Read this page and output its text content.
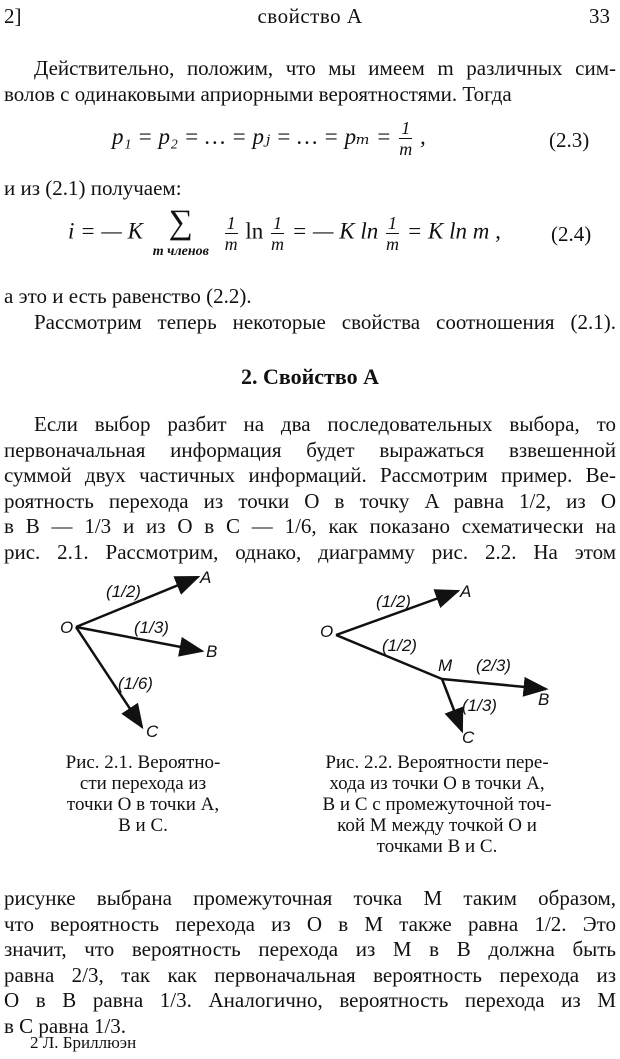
2]	свойство A	33
Действительно, положим, что мы имеем m различных сим-
волов с одинаковыми априорными вероятностями. Тогда
p₁ = p₂ = … = pⱼ = … = $p_m = \frac{1}{m}$ ,	(2.3)
и из (2.1) получаем:
i = — K ∑
m членов
$\frac{1}{m}$ $\ln \frac{1}{m}$ = — K $\ln \frac{1}{m} = K$ ln m , (2.4)
а это и есть равенство (2.2).
Рассмотрим теперь некоторые свойства соотношения (2.1).
2. Свойство A
Если выбор разбит на два последовательных выбора, то
первоначальная информация будет выражаться взвешенной
суммой двух частичных информаций. Рассмотрим пример. Ве-
роятность перехода из точки O в точку A равна 1/2, из O
в B — 1/3 и из O в C — 1/6, как показано схематически на
рис. 2.1. Рассмотрим, однако, диаграмму рис. 2.2. На этом
O
A
B
C
(1/2)
(1/3)
(1/6)
Рис. 2.1. Вероятно-
сти перехода из
точки O в точки A,
B и C.
O
A
M
B
C
(1/2)
(1/2)
(2/3)
(1/3)
Рис. 2.2. Вероятности пере-
хода из точки O в точки A,
B и C с промежуточной точ-
кой M между точкой O и
точками B и C.
рисунке выбрана промежуточная точка M таким образом,
что вероятность перехода из O в M также равна 1/2. Это
значит, что вероятность перехода из M в B должна быть
равна 2/3, так как первоначальная вероятность перехода из
O в B равна 1/3. Аналогично, вероятность перехода из M
в C равна 1/3.
2 Л. Бриллюэн
